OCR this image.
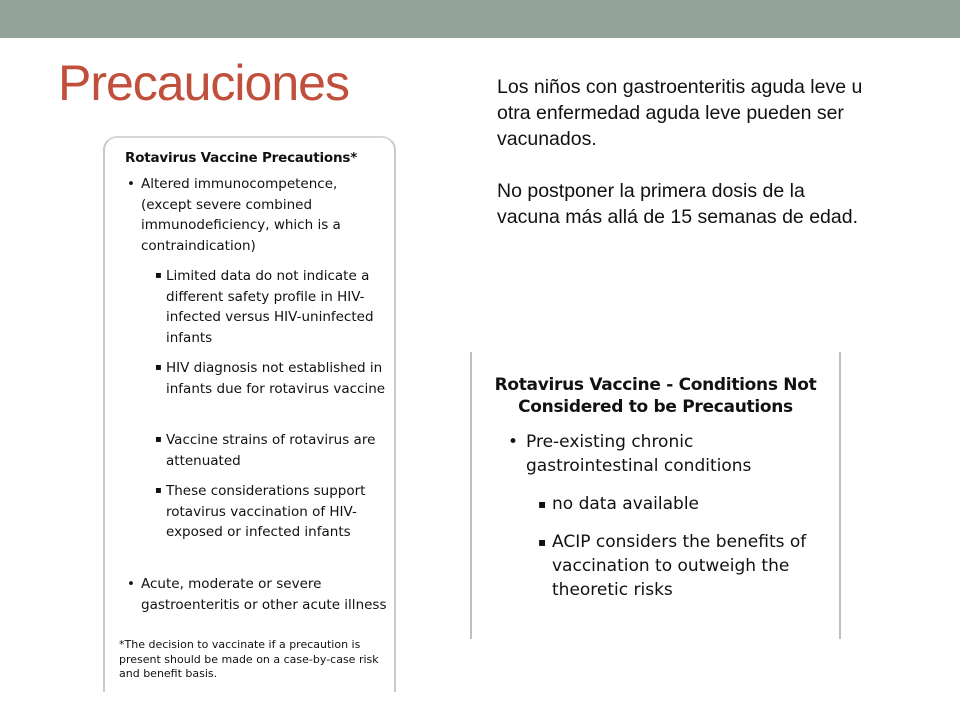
Precauciones	Los niños con gastroenteritis aguda leve u otra enfermedad aguda leve pueden ser vacunados.

No postponer la primera dosis de la vacuna más allá de 15 semanas de edad.

Rotavirus Vaccine Precautions*
• Altered immunocompetence, (except severe combined immunodeficiency, which is a contraindication)
▪ Limited data do not indicate a different safety profile in HIV-infected versus HIV-uninfected infants
▪ HIV diagnosis not established in infants due for rotavirus vaccine
▪ Vaccine strains of rotavirus are attenuated
▪ These considerations support rotavirus vaccination of HIV-exposed or infected infants
• Acute, moderate or severe gastroenteritis or other acute illness
*The decision to vaccinate if a precaution is present should be made on a case-by-case risk and benefit basis.
Rotavirus Vaccine - Conditions Not Considered to be Precautions
• Pre-existing chronic gastrointestinal conditions
▪ no data available
▪ ACIP considers the benefits of vaccination to outweigh the theoretic risks
